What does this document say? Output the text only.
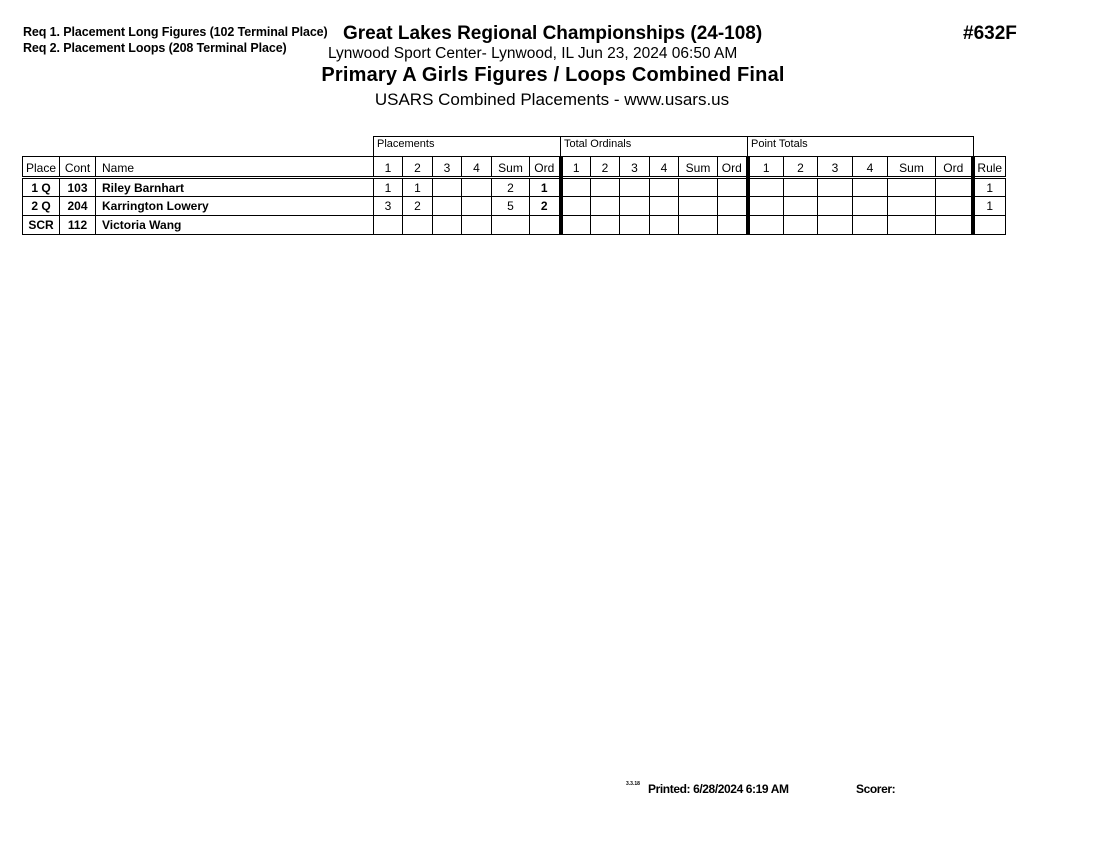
Req 1. Placement Long Figures (102 Terminal Place)
Req 2. Placement Loops (208 Terminal Place)
Great Lakes Regional Championships (24-108)
Lynwood Sport Center- Lynwood, IL Jun 23, 2024 06:50 AM
Primary A Girls Figures / Loops Combined Final
USARS Combined Placements - www.usars.us
#632F
Placements	Total Ordinals	Point Totals
Place	Cont	Name	1	2	3	4	Sum	Ord	1	2	3	4	Sum	Ord	1	2	3	4	Sum	Ord	Rule
1 Q	103	Riley Barnhart	1	1			2	1													1
2 Q	204	Karrington Lowery	3	2			5	2													1
SCR	112	Victoria Wang																			
3.3.18 Printed: 6/28/2024 6:19 AM	Scorer:
